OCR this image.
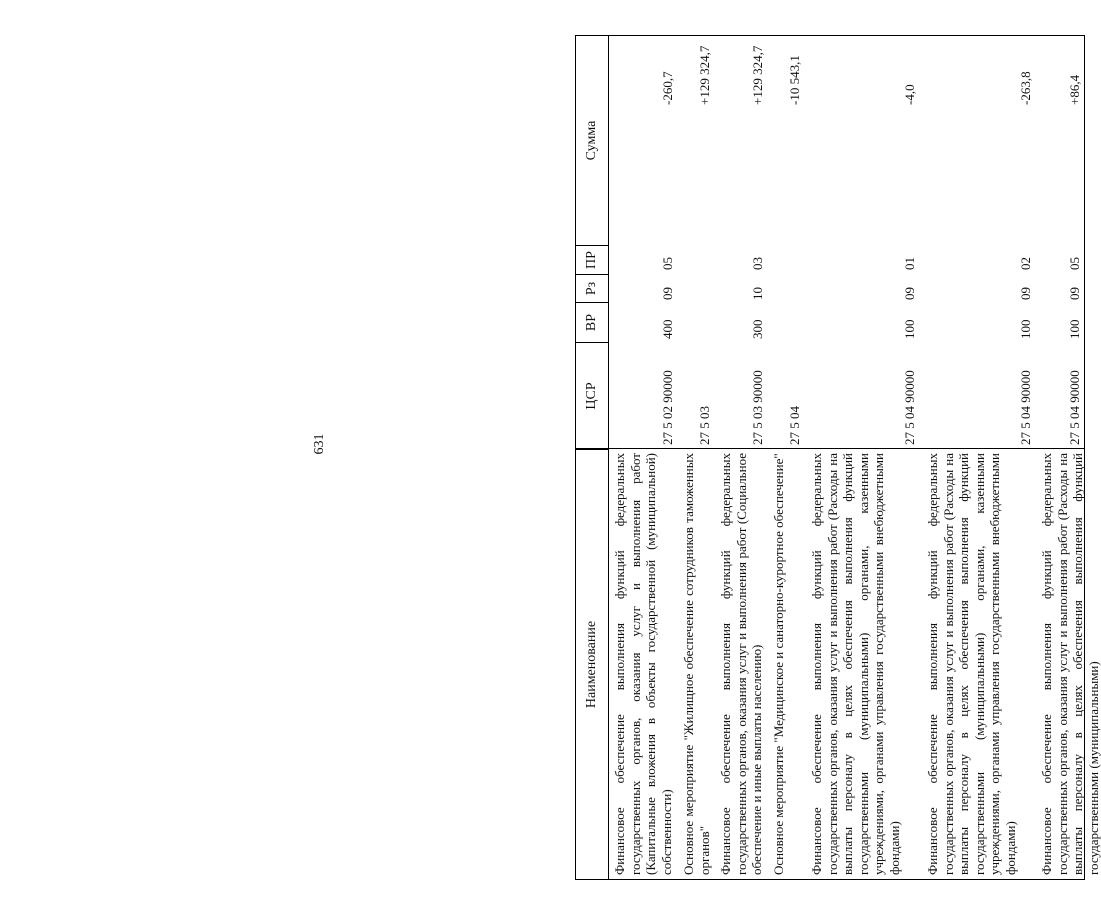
631
Наименование
ЦСР
ВР
Рз
ПР
Сумма
Финансовое обеспечение выполнения функций федеральных государственных органов, оказания услуг и выполнения работ (Капитальные вложения в объекты государственной (муниципальной) собственности)
27 5 02 90000
400
09
05
-260,7
Основное мероприятие "Жилищное обеспечение сотрудников таможенных органов"
27 5 03
+129 324,7
Финансовое обеспечение выполнения функций федеральных государственных органов, оказания услуг и выполнения работ (Социальное обеспечение и иные выплаты населению)
27 5 03 90000
300
10
03
+129 324,7
Основное мероприятие "Медицинское и санаторно-курортное обеспечение"
27 5 04
-10 543,1
Финансовое обеспечение выполнения функций федеральных государственных органов, оказания услуг и выполнения работ (Расходы на выплаты персоналу в целях обеспечения выполнения функций государственными (муниципальными) органами, казенными учреждениями, органами управления государственными внебюджетными фондами)
27 5 04 90000
100
09
01
-4,0
Финансовое обеспечение выполнения функций федеральных государственных органов, оказания услуг и выполнения работ (Расходы на выплаты персоналу в целях обеспечения выполнения функций государственными (муниципальными) органами, казенными учреждениями, органами управления государственными внебюджетными фондами)
27 5 04 90000
100
09
02
-263,8
Финансовое обеспечение выполнения функций федеральных государственных органов, оказания услуг и выполнения работ (Расходы на выплаты персоналу в целях обеспечения выполнения функций государственными (муниципальными)
27 5 04 90000
100
09
05
+86,4
